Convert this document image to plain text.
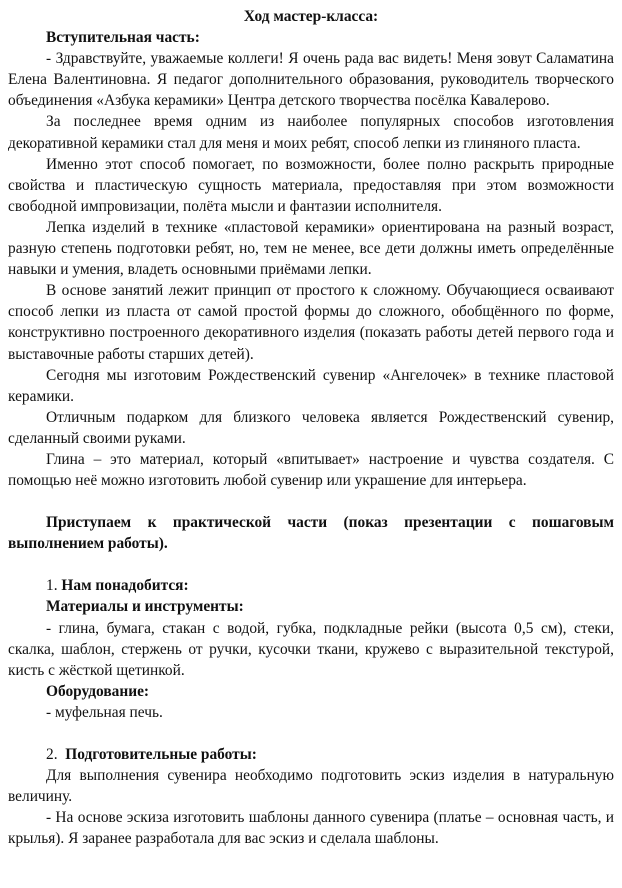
Ход мастер-класса:

Вступительная часть:

- Здравствуйте, уважаемые коллеги! Я очень рада вас видеть! Меня зовут Саламатина Елена Валентиновна. Я педагог дополнительного образования, руководитель творческого объединения «Азбука керамики» Центра детского творчества посёлка Кавалерово.

За последнее время одним из наиболее популярных способов изготовления декоративной керамики стал для меня и моих ребят, способ лепки из глиняного пласта.

Именно этот способ помогает, по возможности, более полно раскрыть природные свойства и пластическую сущность материала, предоставляя при этом возможности свободной импровизации, полёта мысли и фантазии исполнителя.

Лепка изделий в технике «пластовой керамики» ориентирована на разный возраст, разную степень подготовки ребят, но, тем не менее, все дети должны иметь определённые навыки и умения, владеть основными приёмами лепки.

В основе занятий лежит принцип от простого к сложному. Обучающиеся осваивают способ лепки из пласта от самой простой формы до сложного, обобщённого по форме, конструктивно построенного декоративного изделия (показать работы детей первого года и выставочные работы старших детей).

Сегодня мы изготовим Рождественский сувенир «Ангелочек» в технике пластовой керамики.

Отличным подарком для близкого человека является Рождественский сувенир, сделанный своими руками.

Глина – это материал, который «впитывает» настроение и чувства создателя. С помощью неё можно изготовить любой сувенир или украшение для интерьера.

Приступаем к практической части (показ презентации с пошаговым выполнением работы).

1. Нам понадобится:

Материалы и инструменты:

- глина, бумага, стакан с водой, губка, подкладные рейки (высота 0,5 см), стеки, скалка, шаблон, стержень от ручки, кусочки ткани, кружево с выразительной текстурой, кисть с жёсткой щетинкой.

Оборудование:

- муфельная печь.

2. Подготовительные работы:

Для выполнения сувенира необходимо подготовить эскиз изделия в натуральную величину.

- На основе эскиза изготовить шаблоны данного сувенира (платье – основная часть, и крылья). Я заранее разработала для вас эскиз и сделала шаблоны.
